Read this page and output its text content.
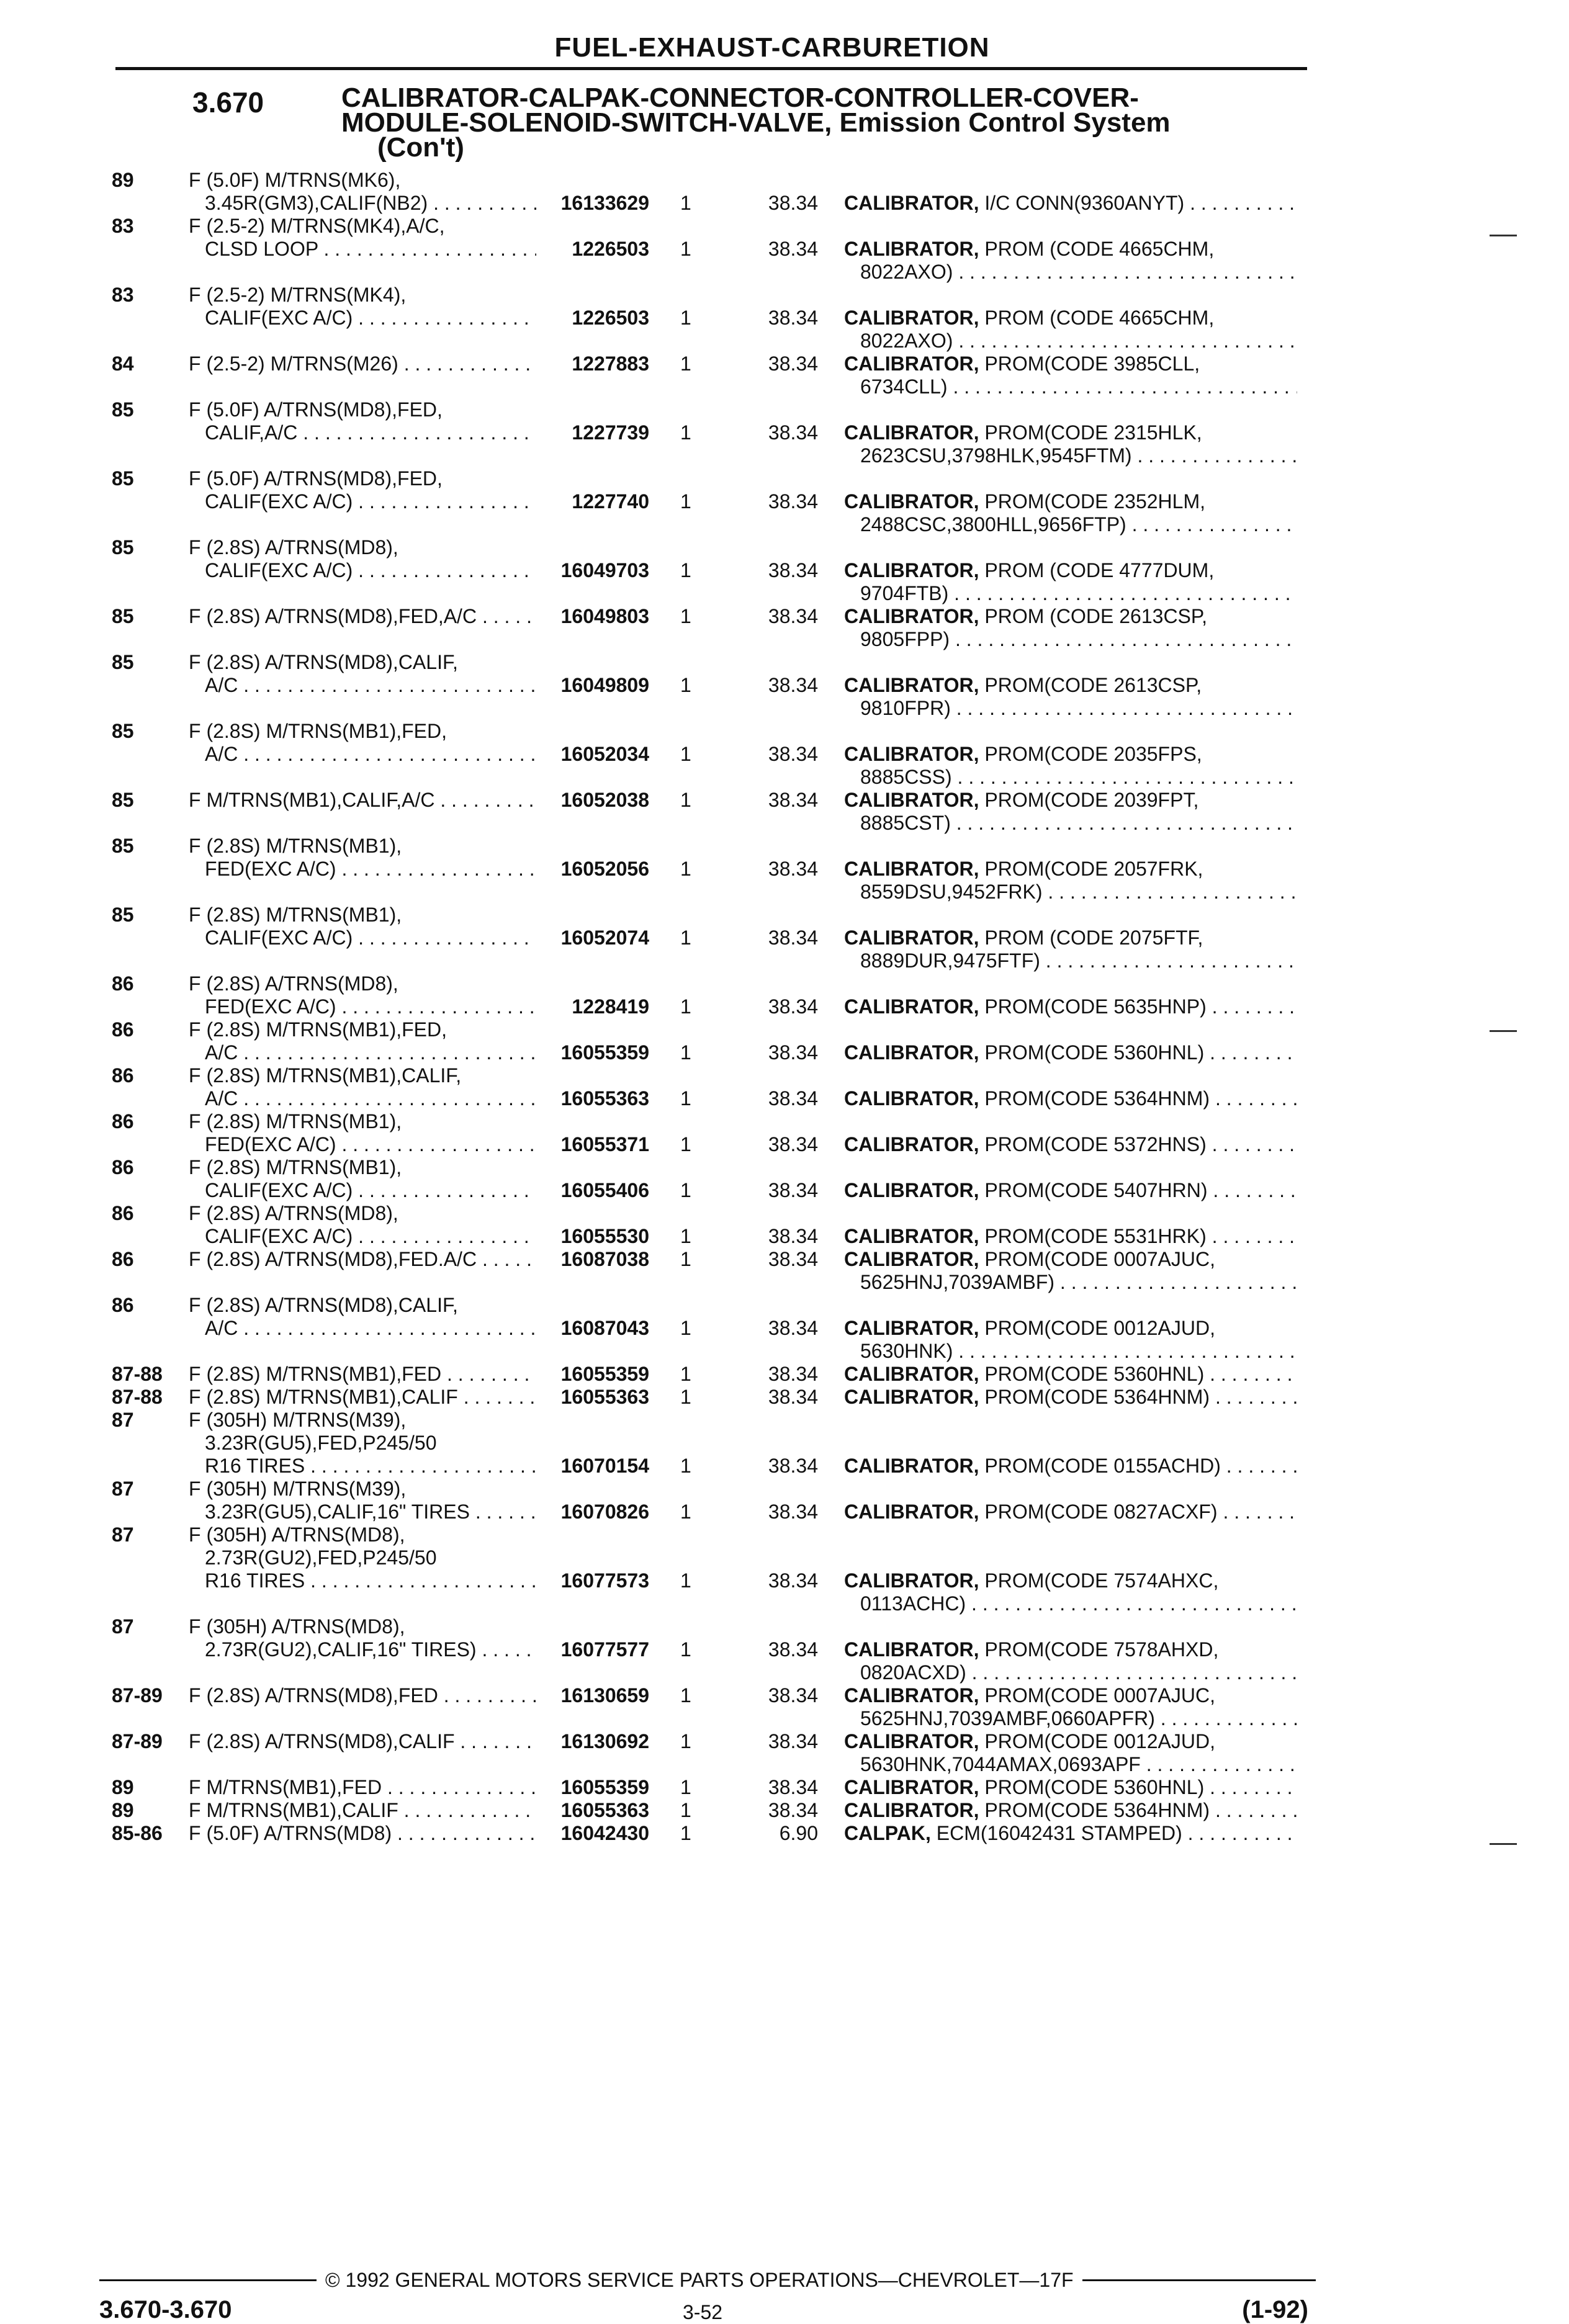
FUEL-EXHAUST-CARBURETION
3.670	CALIBRATOR-CALPAK-CONNECTOR-CONTROLLER-COVER-
MODULE-SOLENOID-SWITCH-VALVE, Emission Control System
(Con't)
89	F (5.0F) M/TRNS(MK6),
3.45R(GM3),CALIF(NB2) . . .	16133629 1	38.34 CALIBRATOR, I/C CONN(9360ANYT) . . .
83	F (2.5-2) M/TRNS(MK4),A/C,
CLSD LOOP . . .	1226503 1	38.34 CALIBRATOR, PROM (CODE 4665CHM,
8022AXO) . . .
83	F (2.5-2) M/TRNS(MK4),
CALIF(EXC A/C) . . .	1226503 1	38.34 CALIBRATOR, PROM (CODE 4665CHM,
8022AXO) . . .
84	F (2.5-2) M/TRNS(M26) . . .	1227883 1	38.34 CALIBRATOR, PROM(CODE 3985CLL,
6734CLL) . . .
85	F (5.0F) A/TRNS(MD8),FED,
CALIF,A/C . . .	1227739 1	38.34 CALIBRATOR, PROM(CODE 2315HLK,
2623CSU,3798HLK,9545FTM) . . .
85	F (5.0F) A/TRNS(MD8),FED,
CALIF(EXC A/C) . . .	1227740 1	38.34 CALIBRATOR, PROM(CODE 2352HLM,
2488CSC,3800HLL,9656FTP) . . .
85	F (2.8S) A/TRNS(MD8),
CALIF(EXC A/C) . . .	16049703 1	38.34 CALIBRATOR, PROM (CODE 4777DUM,
9704FTB) . . .
85	F (2.8S) A/TRNS(MD8),FED,A/C . . .	16049803 1	38.34 CALIBRATOR, PROM (CODE 2613CSP,
9805FPP) . . .
85	F (2.8S) A/TRNS(MD8),CALIF,
A/C . . .	16049809 1	38.34 CALIBRATOR, PROM(CODE 2613CSP,
9810FPR) . . .
85	F (2.8S) M/TRNS(MB1),FED,
A/C . . .	16052034 1	38.34 CALIBRATOR, PROM(CODE 2035FPS,
8885CSS) . . .
85	F M/TRNS(MB1),CALIF,A/C . . .	16052038 1	38.34 CALIBRATOR, PROM(CODE 2039FPT,
8885CST) . . .
85	F (2.8S) M/TRNS(MB1),
FED(EXC A/C) . . .	16052056 1	38.34 CALIBRATOR, PROM(CODE 2057FRK,
8559DSU,9452FRK) . . .
85	F (2.8S) M/TRNS(MB1),
CALIF(EXC A/C) . . .	16052074 1	38.34 CALIBRATOR, PROM (CODE 2075FTF,
8889DUR,9475FTF) . . .
86	F (2.8S) A/TRNS(MD8),
FED(EXC A/C) . . .	1228419 1	38.34 CALIBRATOR, PROM(CODE 5635HNP) . . .
86	F (2.8S) M/TRNS(MB1),FED,
A/C . . .	16055359 1	38.34 CALIBRATOR, PROM(CODE 5360HNL) . . .
86	F (2.8S) M/TRNS(MB1),CALIF,
A/C . . .	16055363 1	38.34 CALIBRATOR, PROM(CODE 5364HNM) . . .
86	F (2.8S) M/TRNS(MB1),
FED(EXC A/C) . . .	16055371 1	38.34 CALIBRATOR, PROM(CODE 5372HNS) . . .
86	F (2.8S) M/TRNS(MB1),
CALIF(EXC A/C) . . .	16055406 1	38.34 CALIBRATOR, PROM(CODE 5407HRN) . . .
86	F (2.8S) A/TRNS(MD8),
CALIF(EXC A/C) . . .	16055530 1	38.34 CALIBRATOR, PROM(CODE 5531HRK) . . .
86	F (2.8S) A/TRNS(MD8),FED.A/C . . .	16087038 1	38.34 CALIBRATOR, PROM(CODE 0007AJUC,
5625HNJ,7039AMBF) . . .
86	F (2.8S) A/TRNS(MD8),CALIF,
A/C . . .	16087043 1	38.34 CALIBRATOR, PROM(CODE 0012AJUD,
5630HNK) . . .
87-88 F (2.8S) M/TRNS(MB1),FED . . .	16055359 1	38.34 CALIBRATOR, PROM(CODE 5360HNL) . . .
87-88 F (2.8S) M/TRNS(MB1),CALIF . . .	16055363 1	38.34 CALIBRATOR, PROM(CODE 5364HNM) . . .
87	F (305H) M/TRNS(M39),
3.23R(GU5),FED,P245/50
R16 TIRES . . .	16070154 1	38.34 CALIBRATOR, PROM(CODE 0155ACHD) . . .
87	F (305H) M/TRNS(M39),
3.23R(GU5),CALIF,16" TIRES . . .	16070826 1	38.34 CALIBRATOR, PROM(CODE 0827ACXF) . . .
87	F (305H) A/TRNS(MD8),
2.73R(GU2),FED,P245/50
R16 TIRES . . .	16077573 1	38.34 CALIBRATOR, PROM(CODE 7574AHXC,
0113ACHC) . . .
87	F (305H) A/TRNS(MD8),
2.73R(GU2),CALIF,16" TIRES) . . .	16077577 1	38.34 CALIBRATOR, PROM(CODE 7578AHXD,
0820ACXD) . . .
87-89 F (2.8S) A/TRNS(MD8),FED . . .	16130659 1	38.34 CALIBRATOR, PROM(CODE 0007AJUC,
5625HNJ,7039AMBF,0660APFR) . . .
87-89 F (2.8S) A/TRNS(MD8),CALIF . . .	16130692 1	38.34 CALIBRATOR, PROM(CODE 0012AJUD,
5630HNK,7044AMAX,0693APF . . .
89	F M/TRNS(MB1),FED . . .	16055359 1	38.34 CALIBRATOR, PROM(CODE 5360HNL) . . .
89	F M/TRNS(MB1),CALIF . . .	16055363 1	38.34 CALIBRATOR, PROM(CODE 5364HNM) . . .
85-86 F (5.0F) A/TRNS(MD8) . . .	16042430 1	6.90 CALPAK, ECM(16042431 STAMPED) . . .
© 1992 GENERAL MOTORS SERVICE PARTS OPERATIONS—CHEVROLET—17F
3.670-3.670	3-52	(1-92)
